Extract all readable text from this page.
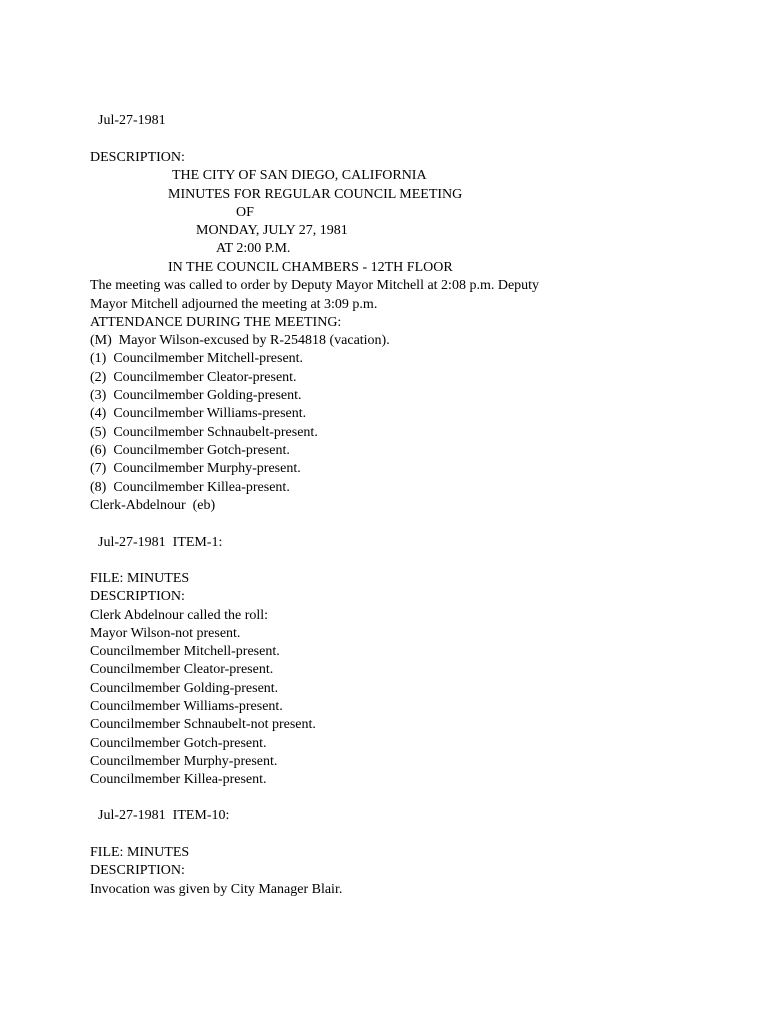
Jul-27-1981
DESCRIPTION:
THE CITY OF SAN DIEGO, CALIFORNIA
MINUTES FOR REGULAR COUNCIL MEETING
OF
MONDAY, JULY 27, 1981
AT 2:00 P.M.
IN THE COUNCIL CHAMBERS - 12TH FLOOR
The meeting was called to order by Deputy Mayor Mitchell at 2:08 p.m. Deputy
Mayor Mitchell adjourned the meeting at 3:09 p.m.
ATTENDANCE DURING THE MEETING:
(M)  Mayor Wilson-excused by R-254818 (vacation).
(1)  Councilmember Mitchell-present.
(2)  Councilmember Cleator-present.
(3)  Councilmember Golding-present.
(4)  Councilmember Williams-present.
(5)  Councilmember Schnaubelt-present.
(6)  Councilmember Gotch-present.
(7)  Councilmember Murphy-present.
(8)  Councilmember Killea-present.
Clerk-Abdelnour  (eb)
Jul-27-1981  ITEM-1:
FILE: MINUTES
DESCRIPTION:
Clerk Abdelnour called the roll:
Mayor Wilson-not present.
Councilmember Mitchell-present.
Councilmember Cleator-present.
Councilmember Golding-present.
Councilmember Williams-present.
Councilmember Schnaubelt-not present.
Councilmember Gotch-present.
Councilmember Murphy-present.
Councilmember Killea-present.
Jul-27-1981  ITEM-10:
FILE: MINUTES
DESCRIPTION:
Invocation was given by City Manager Blair.
